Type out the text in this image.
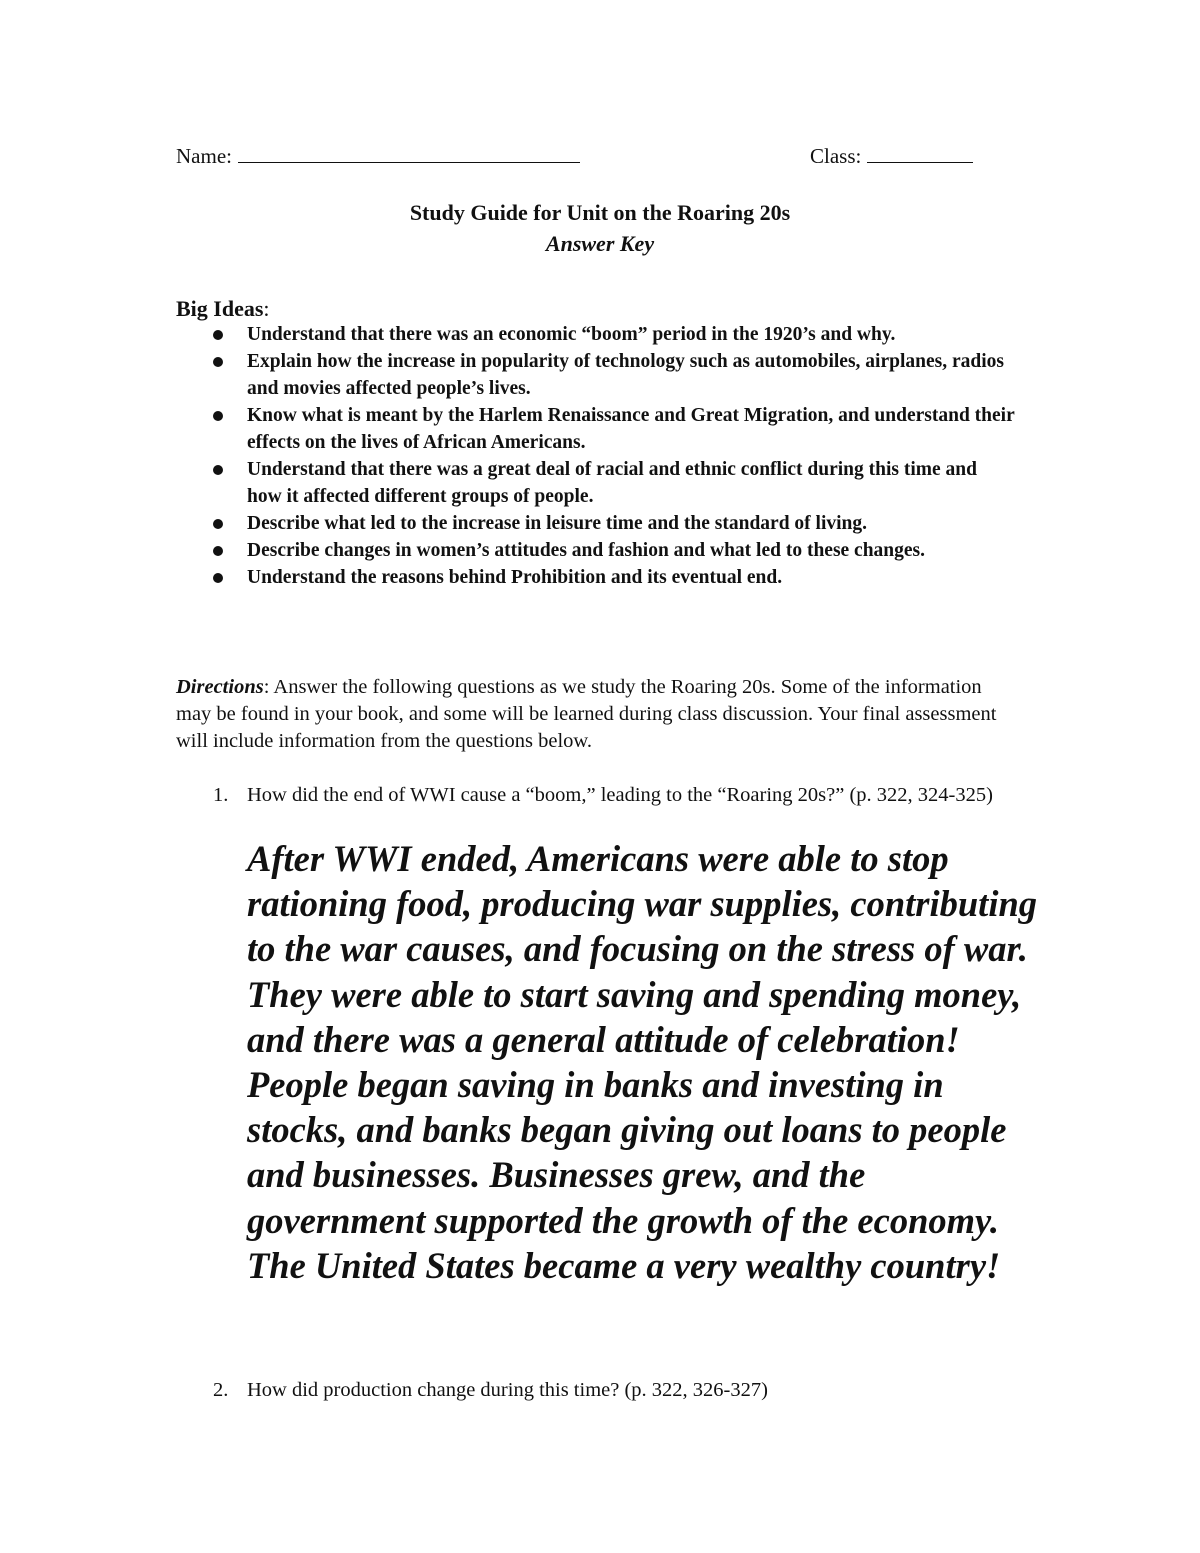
Name:	Class:
Study Guide for Unit on the Roaring 20s
Answer Key
Big Ideas:
Understand that there was an economic “boom” period in the 1920’s and why.
Explain how the increase in popularity of technology such as automobiles, airplanes, radios and movies affected people’s lives.
Know what is meant by the Harlem Renaissance and Great Migration, and understand their effects on the lives of African Americans.
Understand that there was a great deal of racial and ethnic conflict during this time and how it affected different groups of people.
Describe what led to the increase in leisure time and the standard of living.
Describe changes in women’s attitudes and fashion and what led to these changes.
Understand the reasons behind Prohibition and its eventual end.
Directions: Answer the following questions as we study the Roaring 20s. Some of the information may be found in your book, and some will be learned during class discussion. Your final assessment will include information from the questions below.
1. How did the end of WWI cause a “boom,” leading to the “Roaring 20s?” (p. 322, 324-325)
After WWI ended, Americans were able to stop rationing food, producing war supplies, contributing to the war causes, and focusing on the stress of war. They were able to start saving and spending money, and there was a general attitude of celebration! People began saving in banks and investing in stocks, and banks began giving out loans to people and businesses. Businesses grew, and the government supported the growth of the economy. The United States became a very wealthy country!
2. How did production change during this time? (p. 322, 326-327)
